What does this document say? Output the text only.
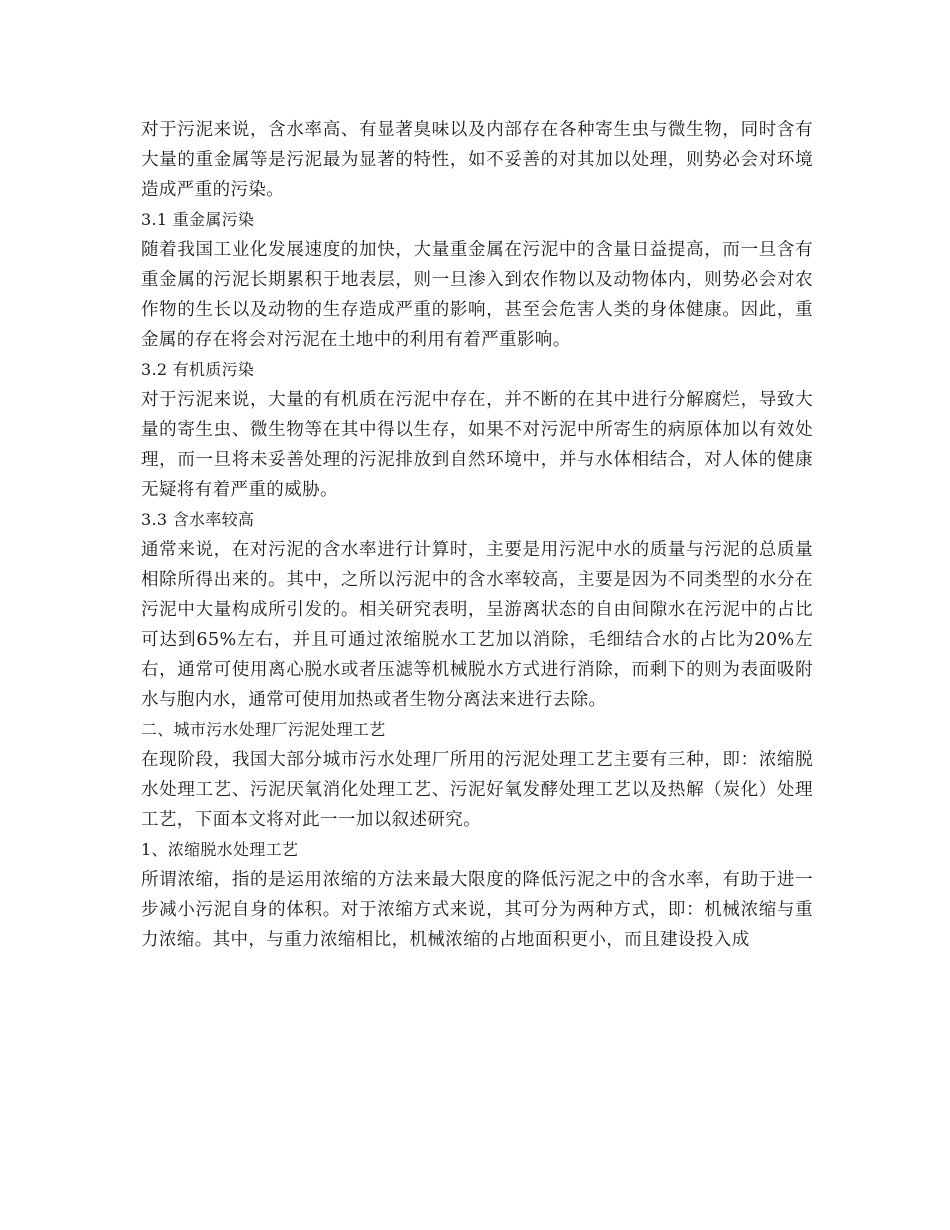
对于污泥来说，含水率高、有显著臭味以及内部存在各种寄生虫与微生物，同时含有大量的重金属等是污泥最为显著的特性，如不妥善的对其加以处理，则势必会对环境造成严重的污染。

3.1 重金属污染

随着我国工业化发展速度的加快，大量重金属在污泥中的含量日益提高，而一旦含有重金属的污泥长期累积于地表层，则一旦渗入到农作物以及动物体内，则势必会对农作物的生长以及动物的生存造成严重的影响，甚至会危害人类的身体健康。因此，重金属的存在将会对污泥在土地中的利用有着严重影响。

3.2 有机质污染

对于污泥来说，大量的有机质在污泥中存在，并不断的在其中进行分解腐烂，导致大量的寄生虫、微生物等在其中得以生存，如果不对污泥中所寄生的病原体加以有效处理，而一旦将未妥善处理的污泥排放到自然环境中，并与水体相结合，对人体的健康无疑将有着严重的威胁。

3.3 含水率较高

通常来说，在对污泥的含水率进行计算时，主要是用污泥中水的质量与污泥的总质量相除所得出来的。其中，之所以污泥中的含水率较高，主要是因为不同类型的水分在污泥中大量构成所引发的。相关研究表明，呈游离状态的自由间隙水在污泥中的占比可达到65%左右，并且可通过浓缩脱水工艺加以消除，毛细结合水的占比为20%左右，通常可使用离心脱水或者压滤等机械脱水方式进行消除，而剩下的则为表面吸附水与胞内水，通常可使用加热或者生物分离法来进行去除。

二、城市污水处理厂污泥处理工艺

在现阶段，我国大部分城市污水处理厂所用的污泥处理工艺主要有三种，即：浓缩脱水处理工艺、污泥厌氧消化处理工艺、污泥好氧发酵处理工艺以及热解（炭化）处理工艺，下面本文将对此一一加以叙述研究。

1、浓缩脱水处理工艺

所谓浓缩，指的是运用浓缩的方法来最大限度的降低污泥之中的含水率，有助于进一步减小污泥自身的体积。对于浓缩方式来说，其可分为两种方式，即：机械浓缩与重力浓缩。其中，与重力浓缩相比，机械浓缩的占地面积更小，而且建设投入成
